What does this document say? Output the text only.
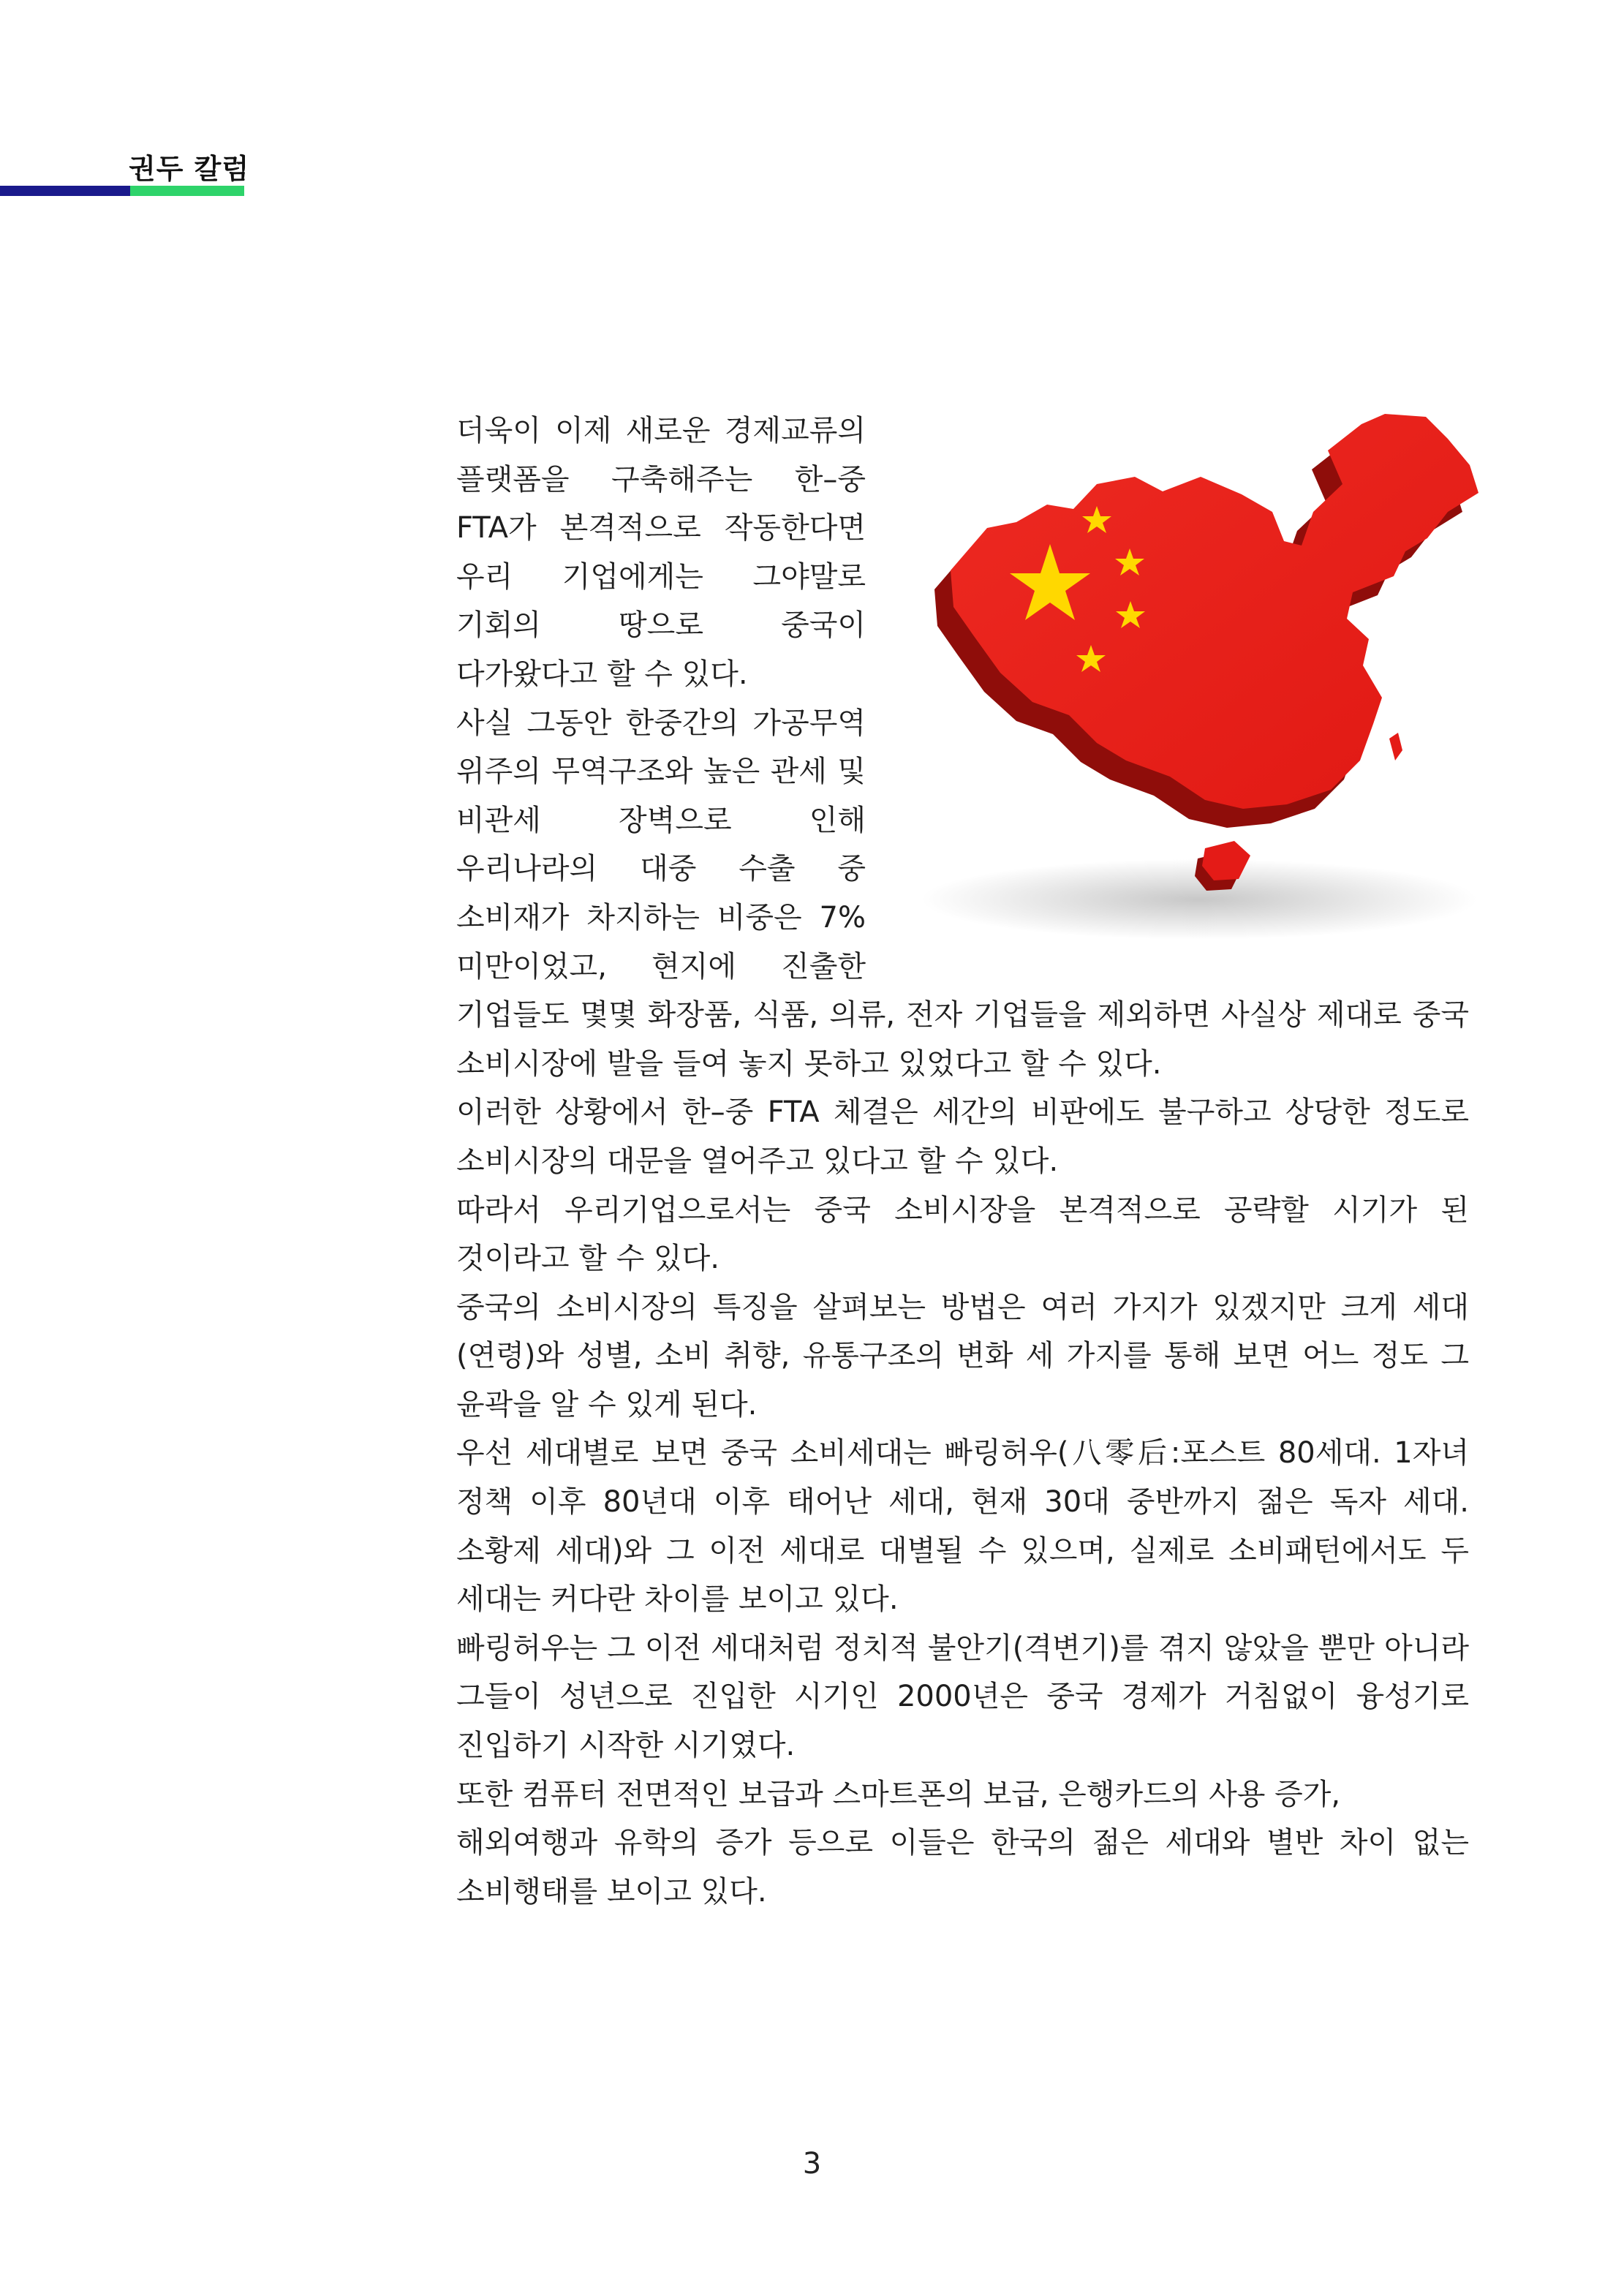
권두 칼럼

더욱이 이제 새로운 경제교류의 플랫폼을 구축해주는 한–중 FTA가 본격적으로 작동한다면 우리 기업에게는 그야말로 기회의 땅으로 중국이 다가왔다고 할 수 있다.

사실 그동안 한중간의 가공무역 위주의 무역구조와 높은 관세 및 비관세 장벽으로 인해 우리나라의 대중 수출 중 소비재가 차지하는 비중은 7% 미만이었고, 현지에 진출한 기업들도 몇몇 화장품, 식품, 의류, 전자 기업들을 제외하면 사실상 제대로 중국 소비시장에 발을 들여 놓지 못하고 있었다고 할 수 있다.

이러한 상황에서 한–중 FTA 체결은 세간의 비판에도 불구하고 상당한 정도로 소비시장의 대문을 열어주고 있다고 할 수 있다.

따라서 우리기업으로서는 중국 소비시장을 본격적으로 공략할 시기가 된 것이라고 할 수 있다.

중국의 소비시장의 특징을 살펴보는 방법은 여러 가지가 있겠지만 크게 세대(연령)와 성별, 소비 취향, 유통구조의 변화 세 가지를 통해 보면 어느 정도 그 윤곽을 알 수 있게 된다.

우선 세대별로 보면 중국 소비세대는 빠링허우(八零后:포스트 80세대. 1자녀 정책 이후 80년대 이후 태어난 세대, 현재 30대 중반까지 젊은 독자 세대. 소황제 세대)와 그 이전 세대로 대별될 수 있으며, 실제로 소비패턴에서도 두 세대는 커다란 차이를 보이고 있다.

빠링허우는 그 이전 세대처럼 정치적 불안기(격변기)를 겪지 않았을 뿐만 아니라 그들이 성년으로 진입한 시기인 2000년은 중국 경제가 거침없이 융성기로 진입하기 시작한 시기였다.

또한 컴퓨터 전면적인 보급과 스마트폰의 보급, 은행카드의 사용 증가,

해외여행과 유학의 증가 등으로 이들은 한국의 젊은 세대와 별반 차이 없는 소비행태를 보이고 있다.

3
